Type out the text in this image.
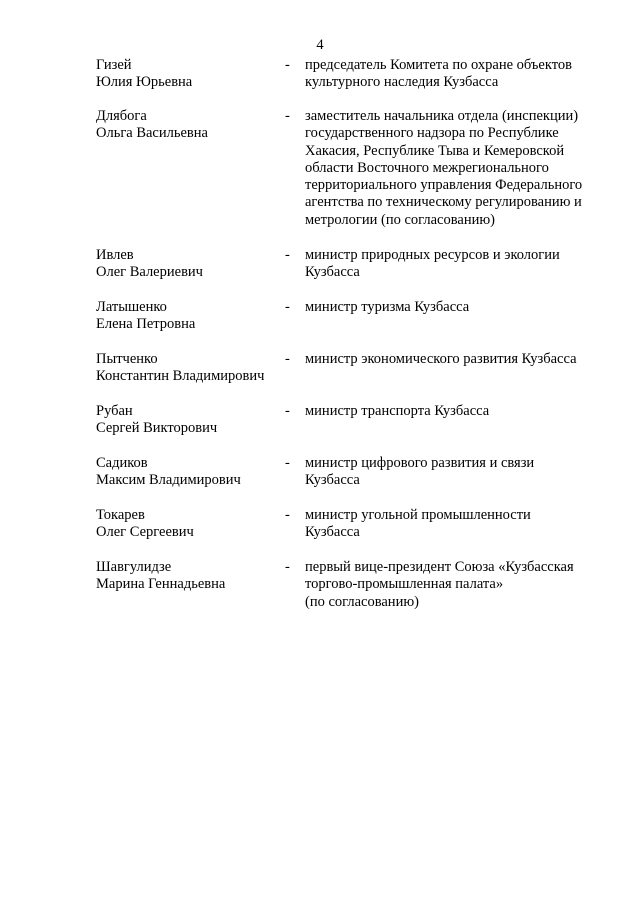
4
Гизей
Юлия Юрьевна
-	председатель Комитета по охране объектов
культурного наследия Кузбасса
Длябога
Ольга Васильевна
-	заместитель начальника отдела (инспекции)
государственного надзора по Республике
Хакасия, Республике Тыва и Кемеровской
области Восточного межрегионального
территориального управления Федерального
агентства по техническому регулированию и
метрологии (по согласованию)
Ивлев
Олег Валериевич
-	министр природных ресурсов и экологии
Кузбасса
Латышенко
Елена Петровна
-	министр туризма Кузбасса
Пытченко
Константин Владимирович
-	министр экономического развития Кузбасса
Рубан
Сергей Викторович
-	министр транспорта Кузбасса
Садиков
Максим Владимирович
-	министр цифрового развития и связи
Кузбасса
Токарев
Олег Сергеевич
-	министр угольной промышленности
Кузбасса
Шавгулидзе
Марина Геннадьевна
-	первый вице-президент Союза «Кузбасская
торгово-промышленная палата»
(по согласованию)
